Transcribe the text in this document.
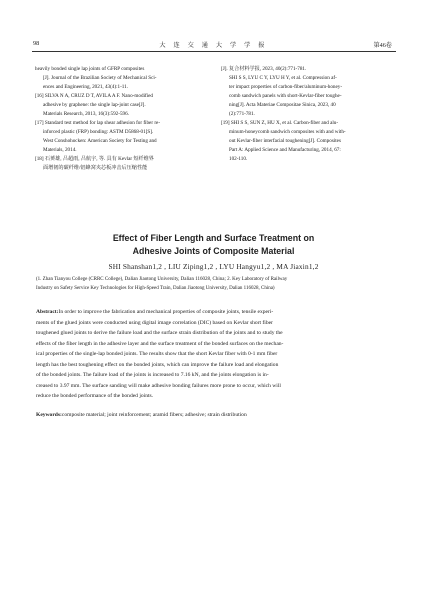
98	大 连 交 通 大 学 学 报	第46卷
heavily bonded single lap joints of GFRP composites
[J]. Journal of the Brazilian Society of Mechanical Sci-
ences and Engineering, 2021, 43(4):1-11.
[16] SILVA N A, CRUZ D T, AVILA A F. Nano-modified
adhesive by graphene: the single lap-joint case[J].
Materials Research, 2013, 16(3):592-596.
[17] Standard test method for lap shear adhesion for fiber re-
inforced plastic (FRP) bonding: ASTM D5868-01[S].
West Conshohocken: American Society for Testing and
Materials, 2014.
[18] 石赟雄, 吕超雨, 吕航宇, 等. 具有 Kevlar 短纤维界
面增韧的碳纤维/铝蜂窝夹芯板冲击后压缩性能
[J]. 复合材料学报, 2023, 40(2):771-781.
SHI S S, LYU C Y, LYU H Y, et al. Compression af-
ter impact properties of carbon-fiber/aluminum-honey-
comb sandwich panels with short-Kevlar-fiber toughe-
ning[J]. Acta Materiae Compositae Sinica, 2023, 40
(2):771-781.
[19] SHI S S, SUN Z, HU X, et al. Carbon-fiber and alu-
minum-honeycomb sandwich composites with and with-
out Kevlar-fiber interfacial toughening[J]. Composites
Part A: Applied Science and Manufacturing, 2014, 67:
102-110.
Effect of Fiber Length and Surface Treatment on
Adhesive Joints of Composite Material
SHI Shanshan1,2 , LIU Ziping1,2 , LYU Hangyu1,2 , MA Jiaxin1,2
(1. Zhan Tianyou College (CRRC College), Dalian Jiaotong University, Dalian 116028, China; 2. Key Laboratory of Railway
Industry on Safety Service Key Technologies for High-Speed Train, Dalian Jiaotong University, Dalian 116028, China)
Abstract:In order to improve the fabrication and mechanical properties of composite joints, tensile experi-
ments of the glued joints were conducted using digital image correlation (DIC) based on Kevlar short fiber
toughened glued joints to derive the failure load and the surface strain distribution of the joints and to study the
effects of the fiber length in the adhesive layer and the surface treatment of the bonded surfaces on the mechan-
ical properties of the single-lap bonded joints. The results show that the short Kevlar fiber with 0-1 mm fiber
length has the best toughening effect on the bonded joints, which can improve the failure load and elongation
of the bonded joints. The failure load of the joints is increased to 7.16 kN, and the joints elongation is in-
creased to 3.97 mm. The surface sanding will make adhesive bonding failures more prone to occur, which will
reduce the bonded performance of the bonded joints.
Keywords:composite material; joint reinforcement; aramid fibers; adhesive; strain distribution
